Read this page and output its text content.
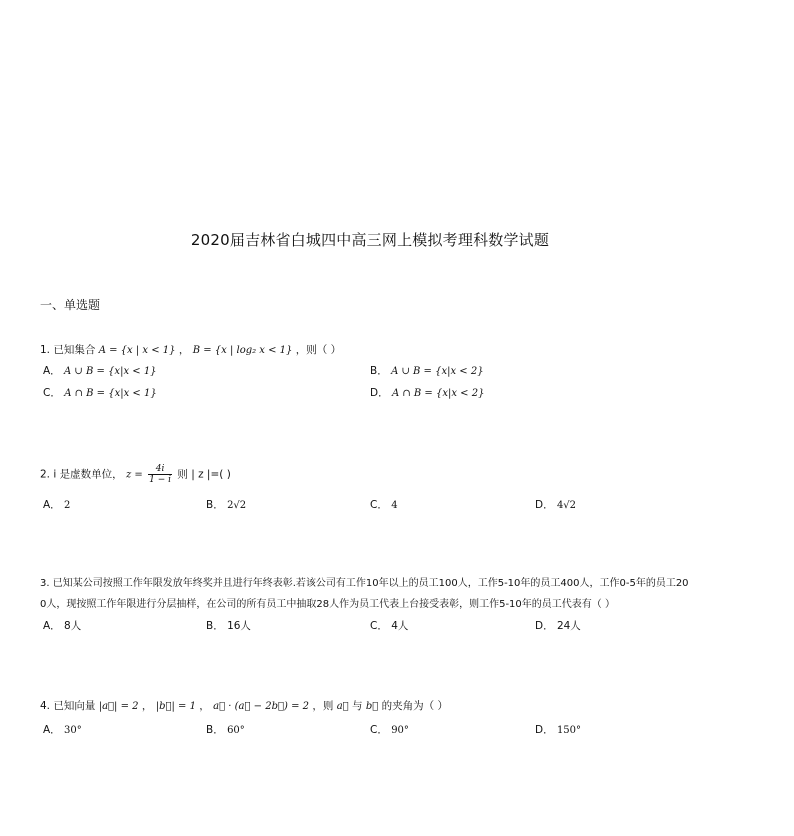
2020届吉林省白城四中高三网上模拟考理科数学试题
一、单选题
1. 已知集合 A = {x | x < 1} ， B = {x | log₂ x < 1} ，则（ ）
A． A ∪ B = {x|x < 1}	B． A ∪ B = {x|x < 2}
C． A ∩ B = {x|x < 1}	D． A ∩ B = {x|x < 2}
2. i 是虚数单位， $z = \frac{4i}{1 - i}$ 则 | z |=( )
A． 2	B． 2√2	C． 4	D． 4√2
3. 已知某公司按照工作年限发放年终奖并且进行年终表彰.若该公司有工作10年以上的员工100人，工作5-10年的员工400人，工作0-5年的员工20
0人，现按照工作年限进行分层抽样，在公司的所有员工中抽取28人作为员工代表上台接受表彰，则工作5-10年的员工代表有（ ）
A． 8人	B． 16人	C． 4人	D． 24人
4. 已知向量 |a⃗| = 2 ， |b⃗| = 1 ， a⃗ · (a⃗ − 2b⃗) = 2 ，则 a⃗ 与 b⃗ 的夹角为（ ）
A． 30°	B． 60°	C． 90°	D． 150°
